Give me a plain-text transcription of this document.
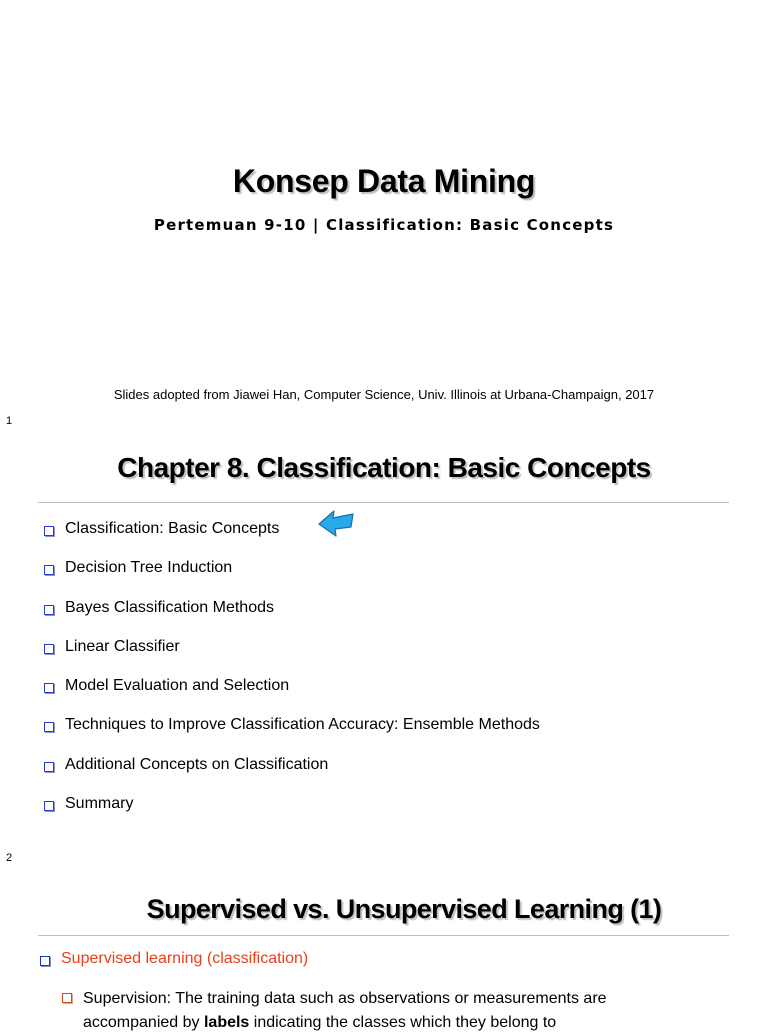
Konsep Data Mining
Pertemuan 9-10 | Classification: Basic Concepts
Slides adopted from Jiawei Han, Computer Science, Univ. Illinois at Urbana-Champaign, 2017
1
Chapter 8. Classification: Basic Concepts
Classification: Basic Concepts
Decision Tree Induction
Bayes Classification Methods
Linear Classifier
Model Evaluation and Selection
Techniques to Improve Classification Accuracy: Ensemble Methods
Additional Concepts on Classification
Summary
2
Supervised vs. Unsupervised Learning (1)
Supervised learning (classification)
Supervision: The training data such as observations or measurements are accompanied by labels indicating the classes which they belong to
